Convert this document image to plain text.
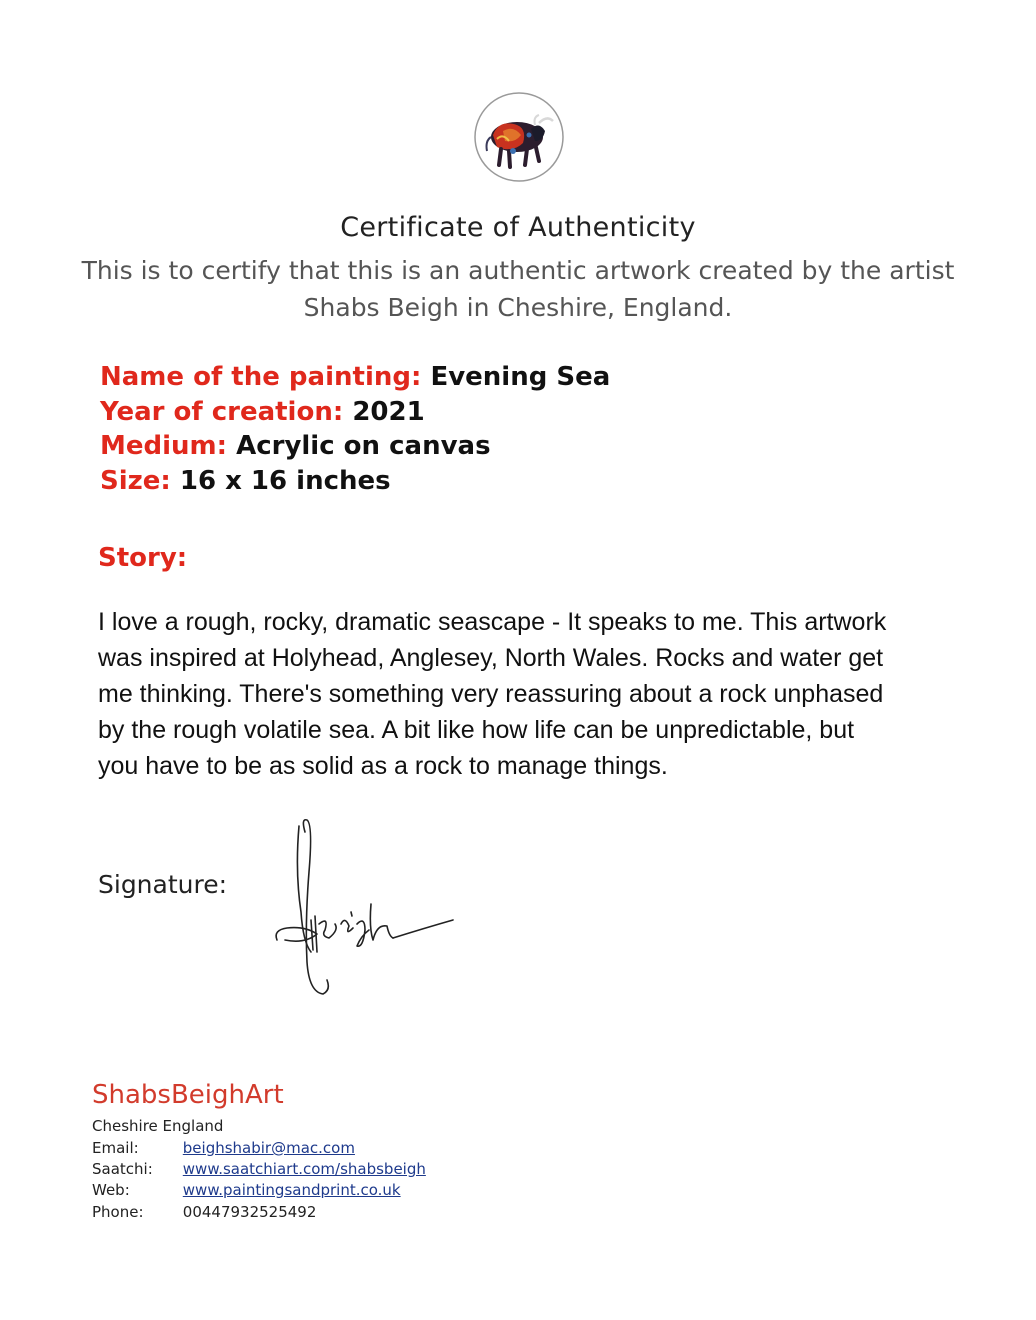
Certificate of Authenticity
This is to certify that this is an authentic artwork created by the artist
Shabs Beigh in Cheshire, England.
Name of the painting: Evening Sea
Year of creation: 2021
Medium: Acrylic on canvas
Size: 16 x 16 inches
Story:
I love a rough, rocky, dramatic seascape - It speaks to me. This artwork
was inspired at Holyhead, Anglesey, North Wales. Rocks and water get
me thinking. There's something very reassuring about a rock unphased
by the rough volatile sea. A bit like how life can be unpredictable, but
you have to be as solid as a rock to manage things.
Signature:
ShabsBeighArt
Cheshire England
Email:	beighshabir@mac.com
Saatchi: www.saatchiart.com/shabsbeigh
Web:	www.paintingsandprint.co.uk
Phone:	00447932525492
